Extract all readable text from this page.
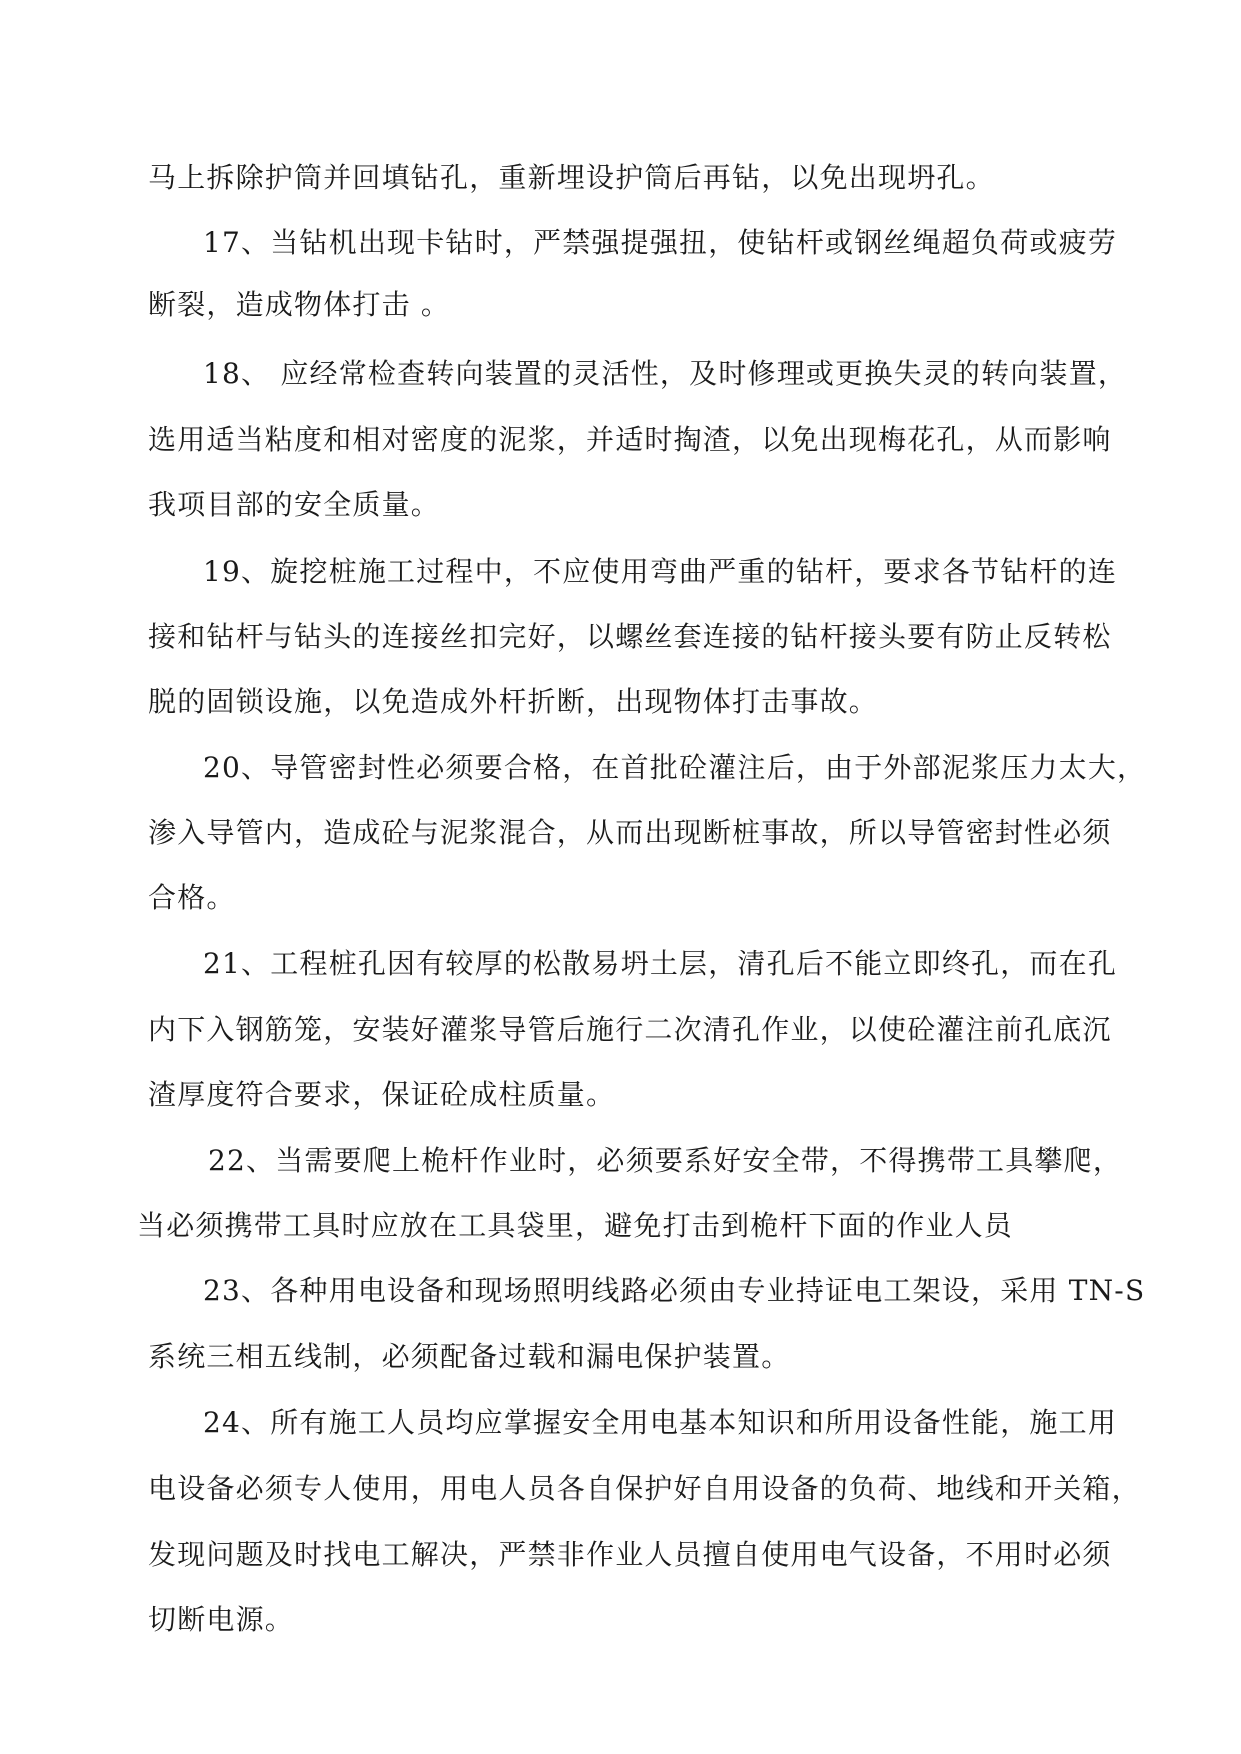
马上拆除护筒并回填钻孔，重新埋设护筒后再钻，以免出现坍孔。
17、当钻机出现卡钻时，严禁强提强扭，使钻杆或钢丝绳超负荷或疲劳
断裂，造成物体打击 。
18、 应经常检查转向装置的灵活性，及时修理或更换失灵的转向装置，
选用适当粘度和相对密度的泥浆，并适时掏渣，以免出现梅花孔，从而影响
我项目部的安全质量。
19、旋挖桩施工过程中，不应使用弯曲严重的钻杆，要求各节钻杆的连
接和钻杆与钻头的连接丝扣完好，以螺丝套连接的钻杆接头要有防止反转松
脱的固锁设施，以免造成外杆折断，出现物体打击事故。
20、导管密封性必须要合格，在首批砼灌注后，由于外部泥浆压力太大，
渗入导管内，造成砼与泥浆混合，从而出现断桩事故，所以导管密封性必须
合格。
21、工程桩孔因有较厚的松散易坍土层，清孔后不能立即终孔，而在孔
内下入钢筋笼，安装好灌浆导管后施行二次清孔作业，以使砼灌注前孔底沉
渣厚度符合要求，保证砼成柱质量。
22、当需要爬上桅杆作业时，必须要系好安全带，不得携带工具攀爬，
当必须携带工具时应放在工具袋里，避免打击到桅杆下面的作业人员
23、各种用电设备和现场照明线路必须由专业持证电工架设，采用 TN-S
系统三相五线制，必须配备过载和漏电保护装置。
24、所有施工人员均应掌握安全用电基本知识和所用设备性能，施工用
电设备必须专人使用，用电人员各自保护好自用设备的负荷、地线和开关箱，
发现问题及时找电工解决，严禁非作业人员擅自使用电气设备，不用时必须
切断电源。
